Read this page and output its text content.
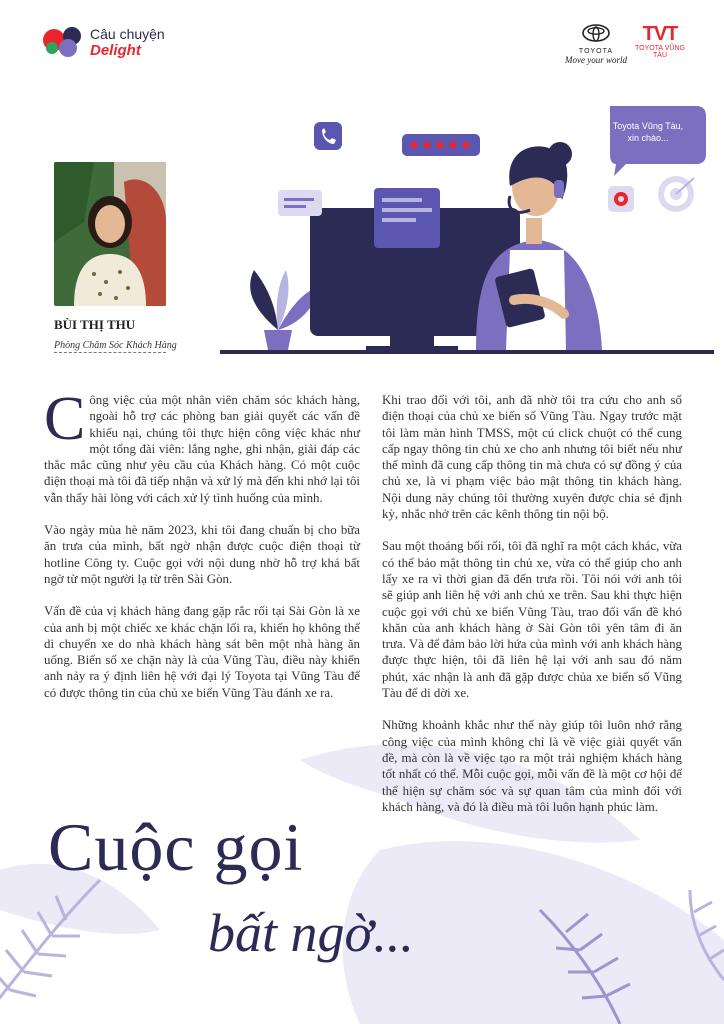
Câu chuyện
Delight	TOYOTA
Move your world
TVT
TOYOTA VŨNG TÀU
BÙI THỊ THU
Phòng Chăm Sóc Khách Hàng
Toyota Vũng Tàu, xin chào...

Công việc của một nhân viên chăm sóc khách hàng, ngoài hỗ trợ các phòng ban giải quyết các vấn đề khiếu nại, chúng tôi thực hiện công việc khác như một tổng đài viên: lắng nghe, ghi nhận, giải đáp các thắc mắc cũng như yêu cầu của Khách hàng. Có một cuộc điện thoại mà tôi đã tiếp nhận và xử lý mà đến khi nhớ lại tôi vẫn thấy hài lòng với cách xử lý tình huống của mình.

Vào ngày mùa hè năm 2023, khi tôi đang chuẩn bị cho bữa ăn trưa của mình, bất ngờ nhận được cuộc điện thoại từ hotline Công ty. Cuộc gọi với nội dung nhờ hỗ trợ khá bất ngờ từ một người lạ từ trên Sài Gòn.

Vấn đề của vị khách hàng đang gặp rắc rối tại Sài Gòn là xe của anh bị một chiếc xe khác chặn lối ra, khiến họ không thể di chuyển xe do nhà khách hàng sát bên một nhà hàng ăn uống. Biển số xe chặn này là của Vũng Tàu, điều này khiến anh nảy ra ý định liên hệ với đại lý Toyota tại Vũng Tàu để có được thông tin của chủ xe biển Vũng Tàu đánh xe ra.

Khi trao đổi với tôi, anh đã nhờ tôi tra cứu cho anh số điện thoại của chủ xe biển số Vũng Tàu. Ngay trước mặt tôi làm màn hình TMSS, một cú click chuột có thể cung cấp ngay thông tin chủ xe cho anh nhưng tôi biết nếu như thế mình đã cung cấp thông tin mà chưa có sự đồng ý của chủ xe, là vi phạm việc bảo mật thông tin khách hàng. Nội dung này chúng tôi thường xuyên được chia sẻ định kỳ, nhắc nhở trên các kênh thông tin nội bộ.

Sau một thoáng bối rối, tôi đã nghĩ ra một cách khác, vừa có thể bảo mật thông tin chủ xe, vừa có thể giúp cho anh lấy xe ra vì thời gian đã đến trưa rồi. Tôi nói với anh tôi sẽ giúp anh liên hệ với anh chủ xe trên. Sau khi thực hiện cuộc gọi với chủ xe biển Vũng Tàu, trao đổi vấn đề khó khăn của anh khách hàng ở Sài Gòn tôi yên tâm đi ăn trưa. Và để đảm bảo lời hứa của mình với anh khách hàng được thực hiện, tôi đã liên hệ lại với anh sau đó năm phút, xác nhận là anh đã gặp được chủa xe biển số Vũng Tàu để di dời xe.

Những khoảnh khắc như thế này giúp tôi luôn nhớ rằng công việc của mình không chỉ là về việc giải quyết vấn đề, mà còn là về việc tạo ra một trải nghiệm khách hàng tốt nhất có thể. Mỗi cuộc gọi, mỗi vấn đề là một cơ hội để thể hiện sự chăm sóc và sự quan tâm của mình đối với khách hàng, và đó là điều mà tôi luôn hạnh phúc làm.

Cuộc gọi
bất ngờ...
